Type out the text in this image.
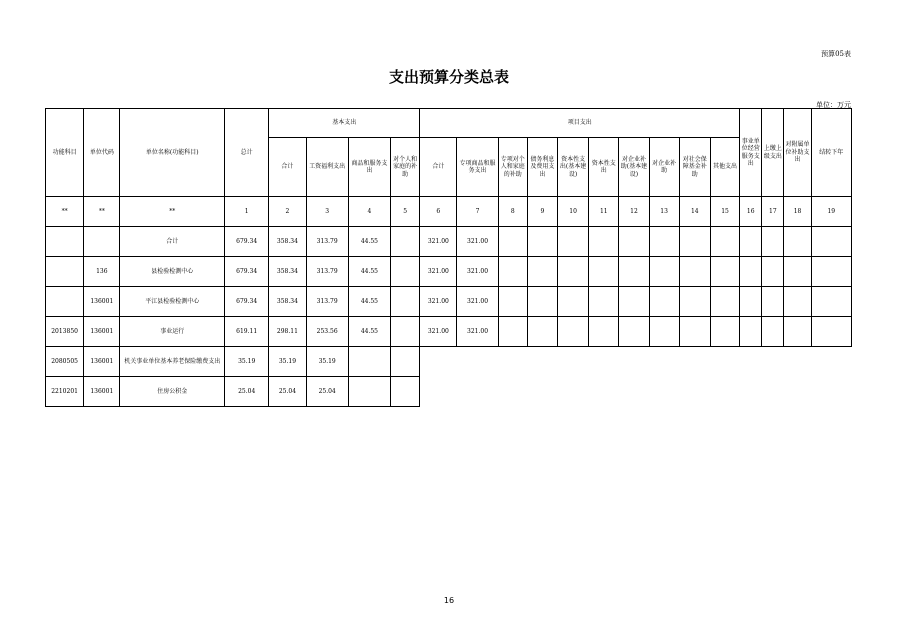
预算05表
支出预算分类总表
单位：万元
功能科目	单位代码	单位名称(功能科目)	总计	基本支出				项目支出										事业单位经营服务支出	上缴上级支出	对附属单位补助支出	结转下年
				合计	工资福利支出	商品和服务支出	对个人和家庭的补助	合计	专项商品和服务支出	专项对个人和家庭的补助	债务利息及费用支出	资本性支出(基本建设)	资本性支出	对企业补助(基本建设)	对企业补助	对社会保障基金补助	其他支出				
**	**	**	1	2	3	4	5	6	7	8	9	10	11	12	13	14	15	16	17	18	19
		合计	679.34	358.34	313.79	44.55		321.00	321.00												
	136	县检验检测中心	679.34	358.34	313.79	44.55		321.00	321.00												
	136001	平江县检验检测中心	679.34	358.34	313.79	44.55		321.00	321.00												
2013850	136001	事业运行	619.11	298.11	253.56	44.55		321.00	321.00												
2080505	136001	机关事业单位基本养老保险缴费支出	35.19	35.19	35.19																
2210201	136001	住房公积金	25.04	25.04	25.04																
16
